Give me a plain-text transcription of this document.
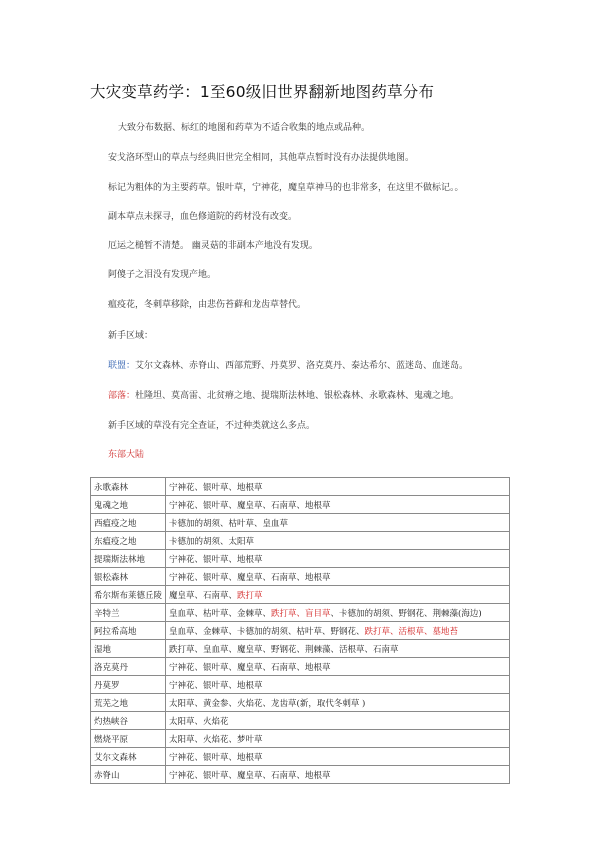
大灾变草药学：1至60级旧世界翻新地图药草分布

大致分布数据、标红的地图和药草为不适合收集的地点或品种。

安戈洛环型山的草点与经典旧世完全相同，其他草点暂时没有办法提供地图。

标记为粗体的为主要药草。银叶草，宁神花，魔皇草神马的也非常多，在这里不做标记。。

副本草点未探寻，血色修道院的药材没有改变。

厄运之槌暂不清楚。 幽灵菇的非副本产地没有发现。

阿傻子之泪没有发现产地。

瘟疫花，冬刺草移除，由悲伤苔藓和龙齿草替代。

新手区域：

联盟：艾尔文森林、赤脊山、西部荒野、丹莫罗、洛克莫丹、泰达希尔、蓝迷岛、血迷岛。

部落：杜隆坦、莫高雷、北贫瘠之地、提瑞斯法林地、银松森林、永歌森林、鬼魂之地。

新手区域的草没有完全查证，不过种类就这么多点。

东部大陆

永歌森林	宁神花、银叶草、地根草
鬼魂之地	宁神花、银叶草、魔皇草、石南草、地根草
西瘟疫之地	卡德加的胡须、枯叶草、皇血草
东瘟疫之地	卡德加的胡须、太阳草
提瑞斯法林地	宁神花、银叶草、地根草
银松森林	宁神花、银叶草、魔皇草、石南草、地根草
希尔斯布莱德丘陵	魔皇草、石南草、跌打草
辛特兰	皇血草、枯叶草、金棘草、跌打草、盲目草、卡德加的胡须、野钢花、荆棘藻(海边)
阿拉希高地	皇血草、金棘草、卡德加的胡须、枯叶草、野钢花、跌打草、活根草、墓地苔
湿地	跌打草、皇血草、魔皇草、野钢花、荆棘藻、活根草、石南草
洛克莫丹	宁神花、银叶草、魔皇草、石南草、地根草
丹莫罗	宁神花、银叶草、地根草
荒芜之地	太阳草、黄金参、火焰花、龙齿草(新，取代冬刺草 )
灼热峡谷	太阳草、火焰花
燃烧平原	太阳草、火焰花、梦叶草
艾尔文森林	宁神花、银叶草、地根草
赤脊山	宁神花、银叶草、魔皇草、石南草、地根草
